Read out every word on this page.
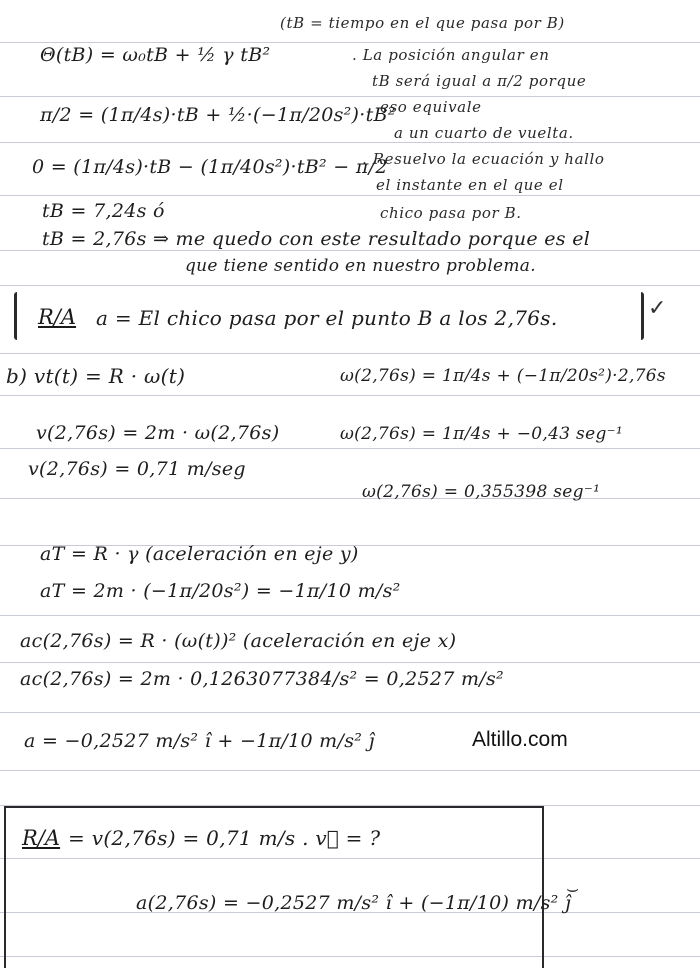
(tB = tiempo en el que pasa por B)
Θ(tB) = ω₀tB + ½ γ tB²
π/2 = (1π/4s)·tB + ½·(−1π/20s²)·tB²
0 = (1π/4s)·tB − (1π/40s²)·tB² − π/2
tB = 7,24s ó
tB = 2,76s ⇒ me quedo con este resultado porque es el
que tiene sentido en nuestro problema.
. La posición angular en
tB será igual a π/2 porque
eso equivale
a un cuarto de vuelta.
. Resuelvo la ecuación y hallo
el instante en el que el
chico pasa por B.
R/A a = El chico pasa por el punto B a los 2,76s.	✓
b) vt(t) = R · ω(t)
v(2,76s) = 2m · ω(2,76s)
v(2,76s) = 0,71 m/seg
ω(2,76s) = 1π/4s + (−1π/20s²)·2,76s
ω(2,76s) = 1π/4s + −0,43 seg⁻¹
ω(2,76s) = 0,355398 seg⁻¹
aT = R · γ (aceleración en eje y)
aT = 2m · (−1π/20s²) = −1π/10 m/s²
ac(2,76s) = R · (ω(t))² (aceleración en eje x)
ac(2,76s) = 2m · 0,1263077384/s² = 0,2527 m/s²
a = −0,2527 m/s² î + −1π/10 m/s² ĵ	Altillo.com
R/A = v(2,76s) = 0,71 m/s . v⃗ = ?
a(2,76s) = −0,2527 m/s² î + (−1π/10) m/s² ĵ
⌣
